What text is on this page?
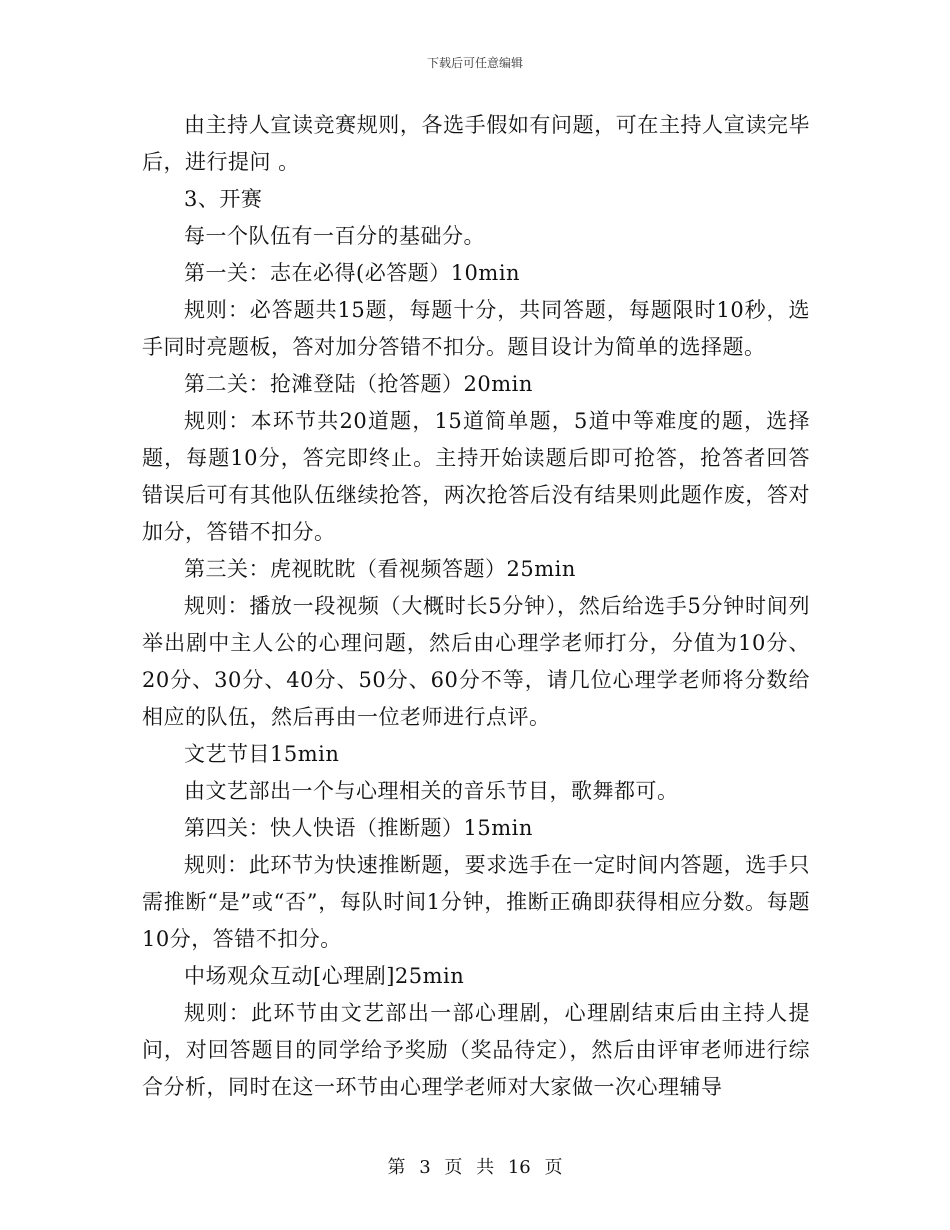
下载后可任意编辑

由主持人宣读竞赛规则，各选手假如有问题，可在主持人宣读完毕后，进行提问 。

3、开赛

每一个队伍有一百分的基础分。

第一关：志在必得(必答题）10min

规则：必答题共15题，每题十分，共同答题，每题限时10秒，选手同时亮题板，答对加分答错不扣分。题目设计为简单的选择题。

第二关：抢滩登陆（抢答题）20min

规则：本环节共20道题，15道简单题，5道中等难度的题，选择题，每题10分，答完即终止。主持开始读题后即可抢答，抢答者回答错误后可有其他队伍继续抢答，两次抢答后没有结果则此题作废，答对加分，答错不扣分。

第三关：虎视眈眈（看视频答题）25min

规则：播放一段视频（大概时长5分钟），然后给选手5分钟时间列举出剧中主人公的心理问题，然后由心理学老师打分，分值为10分、20分、30分、40分、50分、60分不等，请几位心理学老师将分数给相应的队伍，然后再由一位老师进行点评。

文艺节目15min

由文艺部出一个与心理相关的音乐节目，歌舞都可。

第四关：快人快语（推断题）15min

规则：此环节为快速推断题，要求选手在一定时间内答题，选手只需推断“是”或“否”，每队时间1分钟，推断正确即获得相应分数。每题10分，答错不扣分。

中场观众互动[心理剧]25min

规则：此环节由文艺部出一部心理剧，心理剧结束后由主持人提问，对回答题目的同学给予奖励（奖品待定），然后由评审老师进行综合分析，同时在这一环节由心理学老师对大家做一次心理辅导

第 3 页 共 16 页
